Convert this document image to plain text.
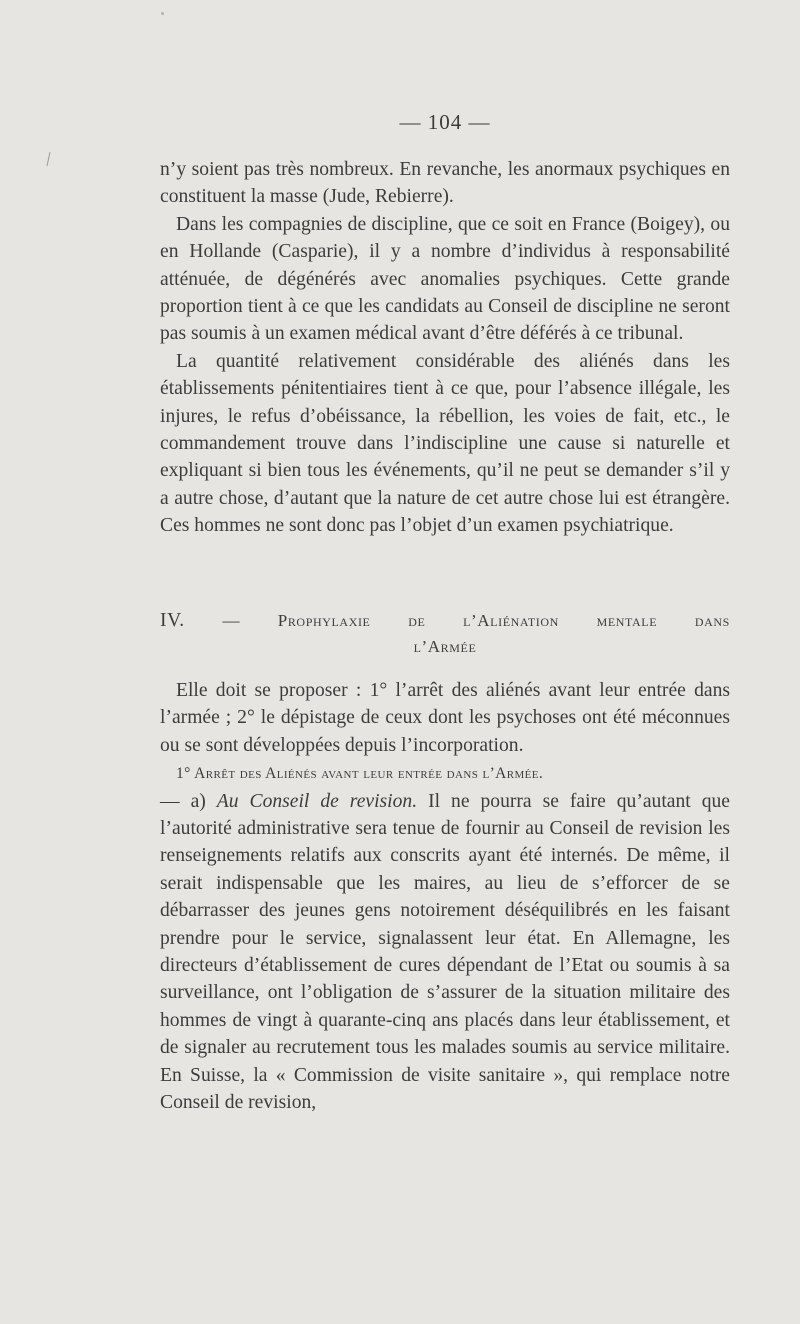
— 104 —

n’y soient pas très nombreux. En revanche, les anormaux psychiques en constituent la masse (Jude, Rebierre).

Dans les compagnies de discipline, que ce soit en France (Boigey), ou en Hollande (Casparie), il y a nombre d’individus à responsabilité atténuée, de dégénérés avec anomalies psychiques. Cette grande proportion tient à ce que les candidats au Conseil de discipline ne seront pas soumis à un examen médical avant d’être déférés à ce tribunal.

La quantité relativement considérable des aliénés dans les établissements pénitentiaires tient à ce que, pour l’absence illégale, les injures, le refus d’obéissance, la rébellion, les voies de fait, etc., le commandement trouve dans l’indiscipline une cause si naturelle et expliquant si bien tous les événements, qu’il ne peut se demander s’il y a autre chose, d’autant que la nature de cet autre chose lui est étrangère. Ces hommes ne sont donc pas l’objet d’un examen psychiatrique.

IV. — Prophylaxie de l’Aliénation mentale dans
l’Armée

Elle doit se proposer : 1° l’arrêt des aliénés avant leur entrée dans l’armée ; 2° le dépistage de ceux dont les psychoses ont été méconnues ou se sont développées depuis l’incorporation.

1° Arrêt des Aliénés avant leur entrée dans l’Armée.
— a) Au Conseil de revision. Il ne pourra se faire qu’autant que l’autorité administrative sera tenue de fournir au Conseil de revision les renseignements relatifs aux conscrits ayant été internés. De même, il serait indispensable que les maires, au lieu de s’efforcer de se débarrasser des jeunes gens notoirement déséquilibrés en les faisant prendre pour le service, signalassent leur état. En Allemagne, les directeurs d’établissement de cures dépendant de l’Etat ou soumis à sa surveillance, ont l’obligation de s’assurer de la situation militaire des hommes de vingt à quarante-cinq ans placés dans leur établissement, et de signaler au recrutement tous les malades soumis au service militaire. En Suisse, la « Commission de visite sanitaire », qui remplace notre Conseil de revision,
